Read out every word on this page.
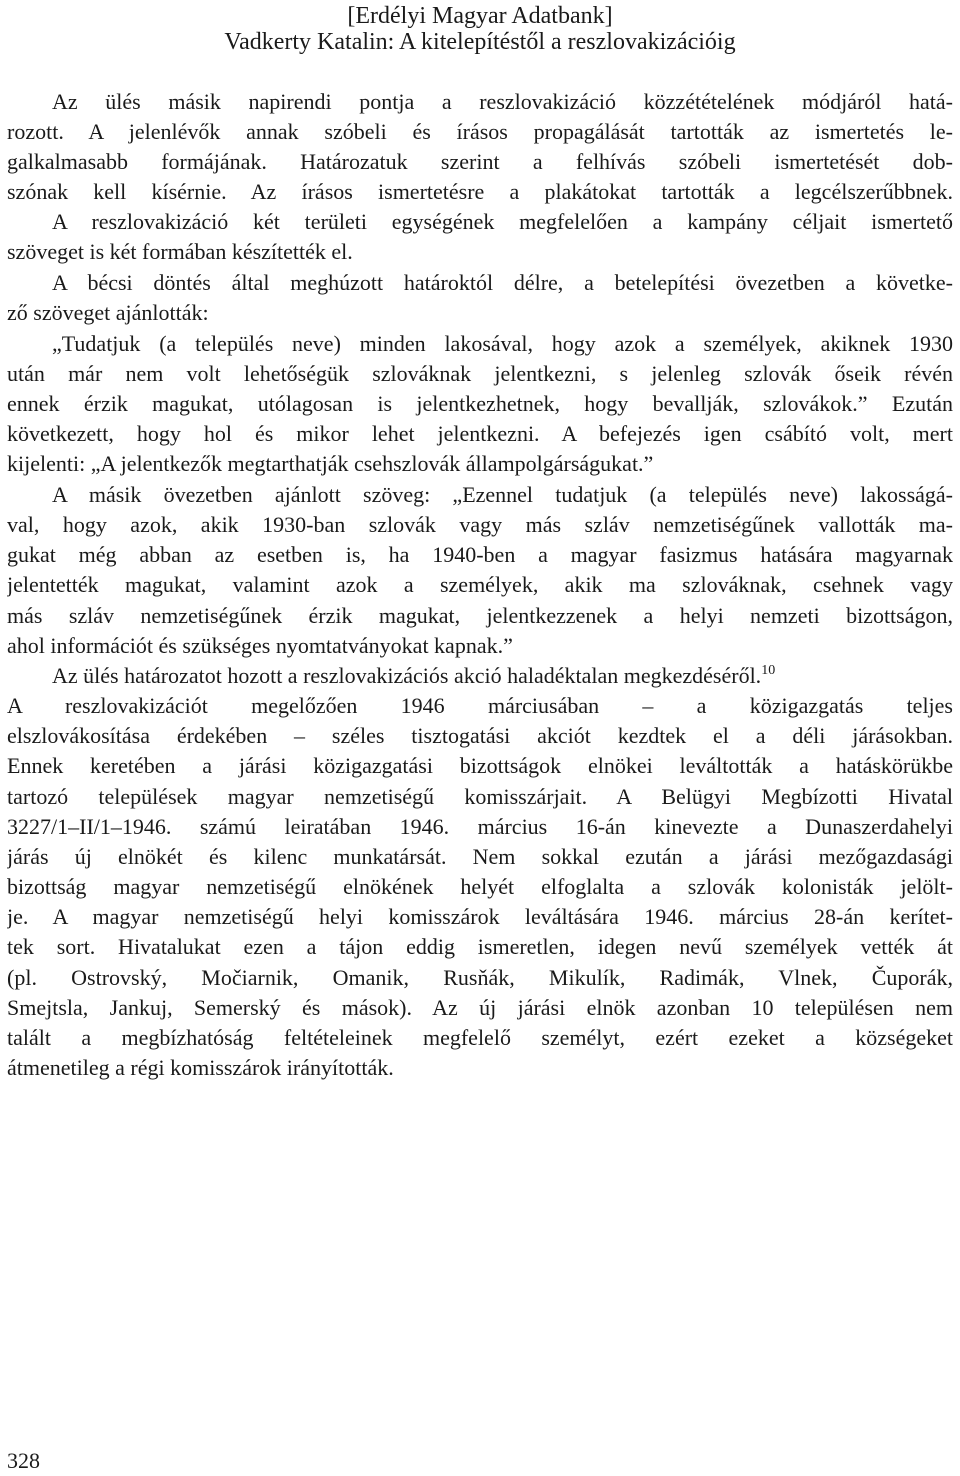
[Erdélyi Magyar Adatbank]
Vadkerty Katalin: A kitelepítéstől a reszlovakizációig
Az ülés másik napirendi pontja a reszlovakizáció közzétételének módjáról hatá-
rozott. A jelenlévők annak szóbeli és írásos propagálását tartották az ismertetés le-
galkalmasabb formájának. Határozatuk szerint a felhívás szóbeli ismertetését dob-
szónak kell kísérnie. Az írásos ismertetésre a plakátokat tartották a legcélszerűbbnek.
A reszlovakizáció két területi egységének megfelelően a kampány céljait ismertető
szöveget is két formában készítették el.
A bécsi döntés által meghúzott határoktól délre, a betelepítési övezetben a követke-
ző szöveget ajánlották:
„Tudatjuk (a település neve) minden lakosával, hogy azok a személyek, akiknek 1930
után már nem volt lehetőségük szlováknak jelentkezni, s jelenleg szlovák őseik révén
ennek érzik magukat, utólagosan is jelentkezhetnek, hogy bevallják, szlovákok.” Ezután
következett, hogy hol és mikor lehet jelentkezni. A befejezés igen csábító volt, mert
kijelenti: „A jelentkezők megtarthatják csehszlovák állampolgárságukat.”
A másik övezetben ajánlott szöveg: „Ezennel tudatjuk (a település neve) lakosságá-
val, hogy azok, akik 1930-ban szlovák vagy más szláv nemzetiségűnek vallották ma-
gukat még abban az esetben is, ha 1940-ben a magyar fasizmus hatására magyarnak
jelentették magukat, valamint azok a személyek, akik ma szlováknak, csehnek vagy
más szláv nemzetiségűnek érzik magukat, jelentkezzenek a helyi nemzeti bizottságon,
ahol információt és szükséges nyomtatványokat kapnak.”
Az ülés határozatot hozott a reszlovakizációs akció haladéktalan megkezdéséről.$^{10}$
A reszlovakizációt megelőzően 1946 márciusában – a közigazgatás teljes
elszlovákosítása érdekében – széles tisztogatási akciót kezdtek el a déli járásokban.
Ennek keretében a járási közigazgatási bizottságok elnökei leváltották a hatáskörükbe
tartozó települések magyar nemzetiségű komisszárjait. A Belügyi Megbízotti Hivatal
3227/1–II/1–1946. számú leiratában 1946. március 16-án kinevezte a Dunaszerdahelyi
járás új elnökét és kilenc munkatársát. Nem sokkal ezután a járási mezőgazdasági
bizottság magyar nemzetiségű elnökének helyét elfoglalta a szlovák kolonisták jelölt-
je. A magyar nemzetiségű helyi komisszárok leváltására 1946. március 28-án kerítet-
tek sort. Hivatalukat ezen a tájon eddig ismeretlen, idegen nevű személyek vették át
(pl. Ostrovský, Močiarnik, Omanik, Rusňák, Mikulík, Radimák, Vlnek, Čuporák,
Smejtsla, Jankuj, Semerský és mások). Az új járási elnök azonban 10 településen nem
talált a megbízhatóság feltételeinek megfelelő személyt, ezért ezeket a községeket
átmenetileg a régi komisszárok irányították.
328
